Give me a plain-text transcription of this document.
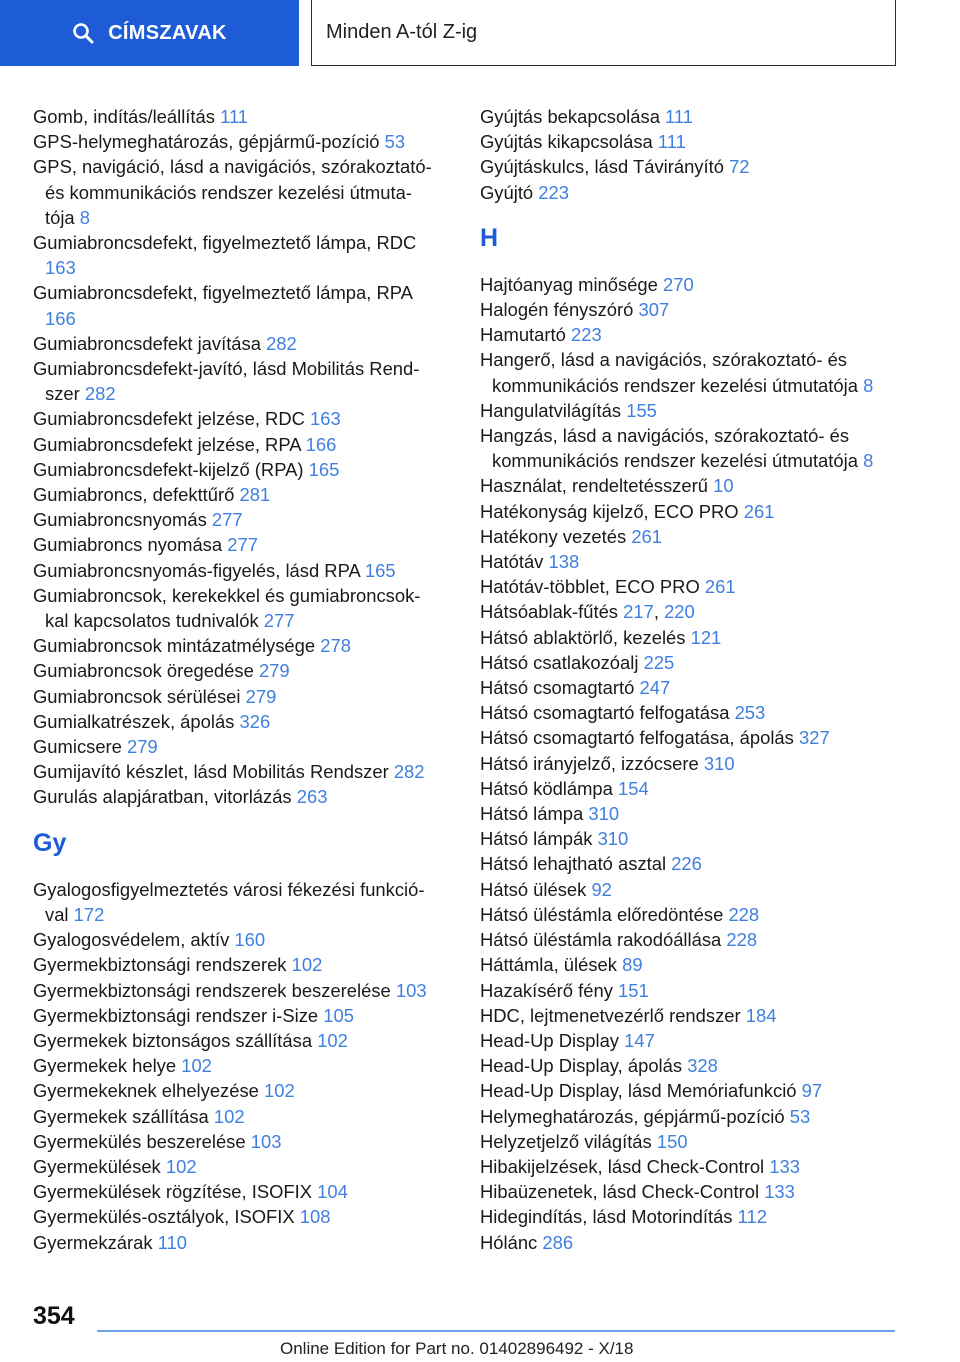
CÍMSZAVAK	Minden A-tól Z-ig
Gomb, indítás/leállítás 111
GPS-helymeghatározás, gépjármű-pozíció 53
GPS, navigáció, lásd a navigációs, szórakoztató- és kommunikációs rendszer kezelési útmuta- tója 8
Gumiabroncsdefekt, figyelmeztető lámpa, RDC 163
Gumiabroncsdefekt, figyelmeztető lámpa, RPA 166
Gumiabroncsdefekt javítása 282
Gumiabroncsdefekt-javító, lásd Mobilitás Rend- szer 282
Gumiabroncsdefekt jelzése, RDC 163
Gumiabroncsdefekt jelzése, RPA 166
Gumiabroncsdefekt-kijelző (RPA) 165
Gumiabroncs, defekttűrő 281
Gumiabroncsnyomás 277
Gumiabroncs nyomása 277
Gumiabroncsnyomás-figyelés, lásd RPA 165
Gumiabroncsok, kerekekkel és gumiabroncsok- kal kapcsolatos tudnivalók 277
Gumiabroncsok mintázatmélysége 278
Gumiabroncsok öregedése 279
Gumiabroncsok sérülései 279
Gumialkatrészek, ápolás 326
Gumicsere 279
Gumijavító készlet, lásd Mobilitás Rendszer 282
Gurulás alapjáratban, vitorlázás 263
Gy
Gyalogosfigyelmeztetés városi fékezési funkció- val 172
Gyalogosvédelem, aktív 160
Gyermekbiztonsági rendszerek 102
Gyermekbiztonsági rendszerek beszerelése 103
Gyermekbiztonsági rendszer i-Size 105
Gyermekek biztonságos szállítása 102
Gyermekek helye 102
Gyermekeknek elhelyezése 102
Gyermekek szállítása 102
Gyermekülés beszerelése 103
Gyermekülések 102
Gyermekülések rögzítése, ISOFIX 104
Gyermekülés-osztályok, ISOFIX 108
Gyermekzárak 110
Gyújtás bekapcsolása 111
Gyújtás kikapcsolása 111
Gyújtáskulcs, lásd Távirányító 72
Gyújtó 223
H
Hajtóanyag minősége 270
Halogén fényszóró 307
Hamutartó 223
Hangerő, lásd a navigációs, szórakoztató- és kommunikációs rendszer kezelési útmutatója 8
Hangulatvilágítás 155
Hangzás, lásd a navigációs, szórakoztató- és kommunikációs rendszer kezelési útmutatója 8
Használat, rendeltetésszerű 10
Hatékonyság kijelző, ECO PRO 261
Hatékony vezetés 261
Hatótáv 138
Hatótáv-többlet, ECO PRO 261
Hátsóablak-fűtés 217, 220
Hátsó ablaktörlő, kezelés 121
Hátsó csatlakozóalj 225
Hátsó csomagtartó 247
Hátsó csomagtartó felfogatása 253
Hátsó csomagtartó felfogatása, ápolás 327
Hátsó irányjelző, izzócsere 310
Hátsó ködlámpa 154
Hátsó lámpa 310
Hátsó lámpák 310
Hátsó lehajtható asztal 226
Hátsó ülések 92
Hátsó üléstámla előredöntése 228
Hátsó üléstámla rakodóállása 228
Háttámla, ülések 89
Hazakísérő fény 151
HDC, lejtmenetvezérlő rendszer 184
Head-Up Display 147
Head-Up Display, ápolás 328
Head-Up Display, lásd Memóriafunkció 97
Helymeghatározás, gépjármű-pozíció 53
Helyzetjelző világítás 150
Hibakijelzések, lásd Check-Control 133
Hibaüzenetek, lásd Check-Control 133
Hidegindítás, lásd Motorindítás 112
Hólánc 286
354
Online Edition for Part no. 01402896492 - X/18
